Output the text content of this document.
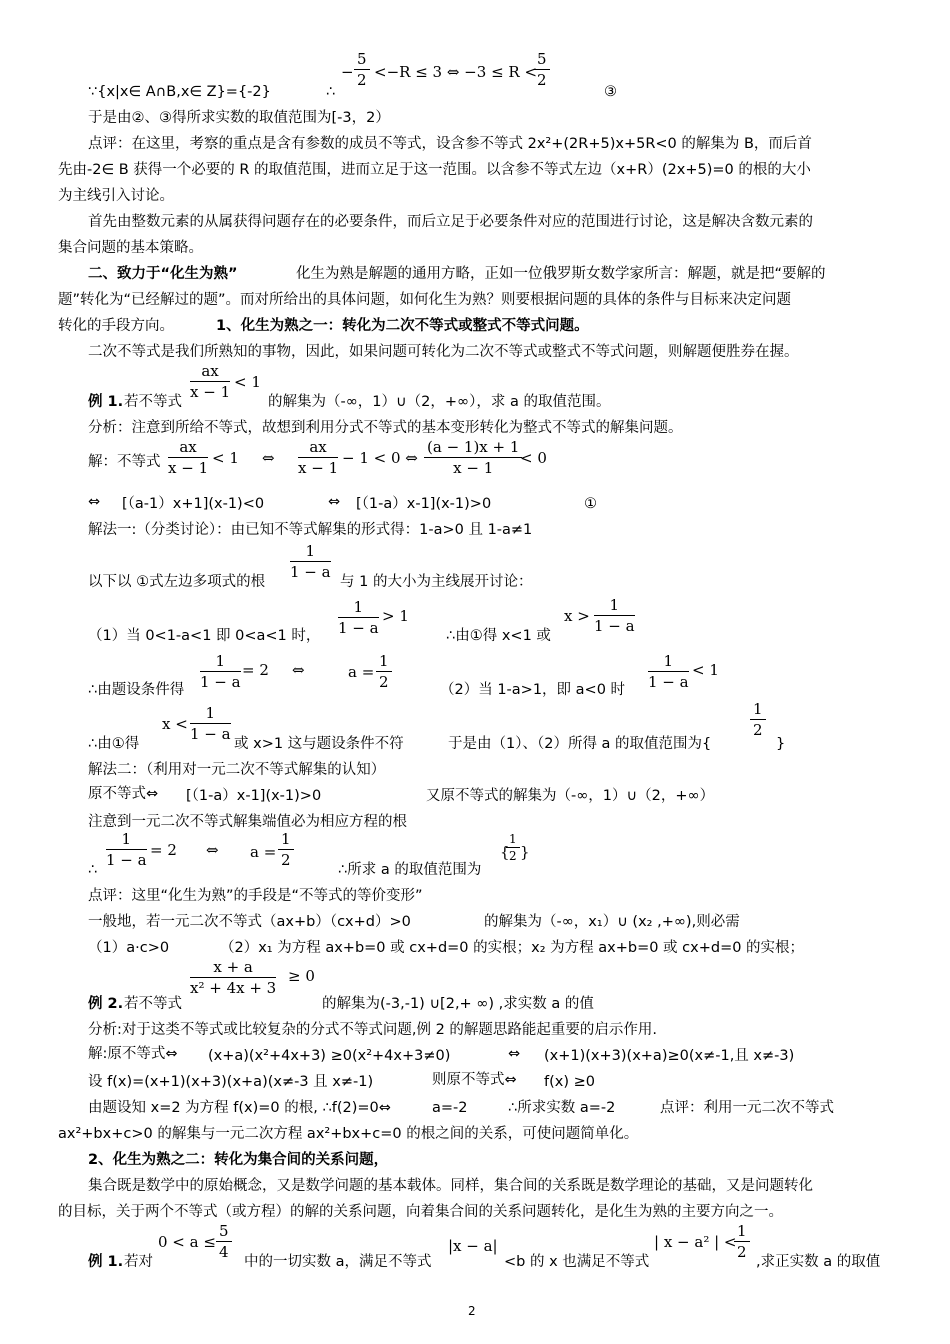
∵{x|x∈ A∩B,x∈ Z}={-2}	∴
− $\frac{5}{2} <-R \le 3$ ⇔ −3 ≤ R <
$\frac{5}{2}$
③
于是由②、③得所求实数的取值范围为[-3，2）
点评：在这里，考察的重点是含有参数的成员不等式，设含参不等式 2x²+(2R+5)x+5R<0 的解集为 B，而后首
先由-2∈ B 获得一个必要的 R 的取值范围，进而立足于这一范围。以含参不等式左边（x+R）(2x+5)=0 的根的大小
为主线引入讨论。
首先由整数元素的从属获得问题存在的必要条件，而后立足于必要条件对应的范围进行讨论，这是解决含数元素的
集合问题的基本策略。
二、致力于“化生为熟”	化生为熟是解题的通用方略，正如一位俄罗斯女数学家所言：解题，就是把“要解的
题”转化为“已经解过的题”。而对所给出的具体问题，如何化生为熟？则要根据问题的具体的条件与目标来决定问题
转化的手段方向。	1、化生为熟之一：转化为二次不等式或整式不等式问题。
二次不等式是我们所熟知的事物，因此，如果问题可转化为二次不等式或整式不等式问题，则解题便胜券在握。
$\frac{ax}{x - 1} < 1$
例 1. 若不等式	的解集为（-∞，1）∪（2，+∞），求 a 的取值范围。
分析：注意到所给不等式，故想到利用分式不等式的基本变形转化为整式不等式的解集问题。
解：不等式 $\frac{ax}{x - 1} < 1$ ⇔ $\frac{ax}{x - 1} - 1 < 0$ ⇔ $\frac{(a - 1)x + 1}{x - 1}$
< 0
⇔ [（a-1）x+1](x-1)<0	⇔ [（1-a）x-1](x-1)>0	①
解法一:（分类讨论）：由已知不等式解集的形式得：1-a>0 且 1-a≠1
以下以 ①式左边多项式的根
$\frac{1}{1 - a}$
与 1 的大小为主线展开讨论：
（1）当 0<1-a<1 即 0<a<1 时， $\frac{1}{1 - a} > 1$
∴由①得 x<1 或
$x > \frac{1}{1 - a}$
∴由题设条件得 $\frac{1}{1 - a} = 2$ ⇔	$a = \frac{1}{2}$	（2）当 1-a>1，即 a<0 时 $\frac{1}{1 - a} < 1$
∴由①得
$x < \frac{1}{1 - a}$
或 x>1 这与题设条件不符	于是由（1）、（2）所得 a 的取值范围为{
$\frac{1}{2}$
}
解法二：（利用对一元二次不等式解集的认知）
原不等式⇔ [（1-a）x-1](x-1)>0	又原不等式的解集为（-∞，1）∪（2，+∞）
注意到一元二次不等式解集端值必为相应方程的根
∴
$\frac{1}{1 - a} = 2$ ⇔ $a = \frac{1}{2}$
∴所求 a 的取值范围为
{
$\frac{1}{2}$ }
点评：这里“化生为熟”的手段是“不等式的等价变形”
一般地，若一元二次不等式（ax+b）（cx+d）>0	的解集为（-∞，x₁）∪ (x₂ ,+∞),则必需
（1）a·c>0	（2）x₁ 为方程 ax+b=0 或 cx+d=0 的实根；x₂ 为方程 ax+b=0 或 cx+d=0 的实根；
$\frac{x + a}{\text{x² + 4x + 3}} \ge 0$
例 2. 若不等式	的解集为(-3,-1) ∪[2,+ ∞) ,求实数 a 的值
分析:对于这类不等式或比较复杂的分式不等式问题,例 2 的解题思路能起重要的启示作用.
解:原不等式⇔ (x+a)(x²+4x+3) ≥0(x²+4x+3≠0)	⇔ (x+1)(x+3)(x+a)≥0(x≠-1,且 x≠-3)
设 f(x)=(x+1)(x+3)(x+a)(x≠-3 且 x≠-1)	则原不等式⇔ f(x) ≥0
由题设知 x=2 为方程 f(x)=0 的根, ∴f(2)=0⇔	a=-2	∴所求实数 a=-2	点评：利用一元二次不等式
ax²+bx+c>0 的解集与一元二次方程 ax²+bx+c=0 的根之间的关系，可使问题简单化。
2、化生为熟之二：转化为集合间的关系问题，
集合既是数学中的原始概念，又是数学问题的基本载体。同样，集合间的关系既是数学理论的基础，又是问题转化
的目标，关于两个不等式（或方程）的解的关系问题，向着集合间的关系问题转化，是化生为熟的主要方向之一。
例 1. 若对
$0 < a \le \frac{5}{4}$
中的一切实数 a，满足不等式
|x − a|
<b 的 x 也满足不等式
| x − a² | <
$\frac{1}{2}$
,求正实数 a 的取值
2
